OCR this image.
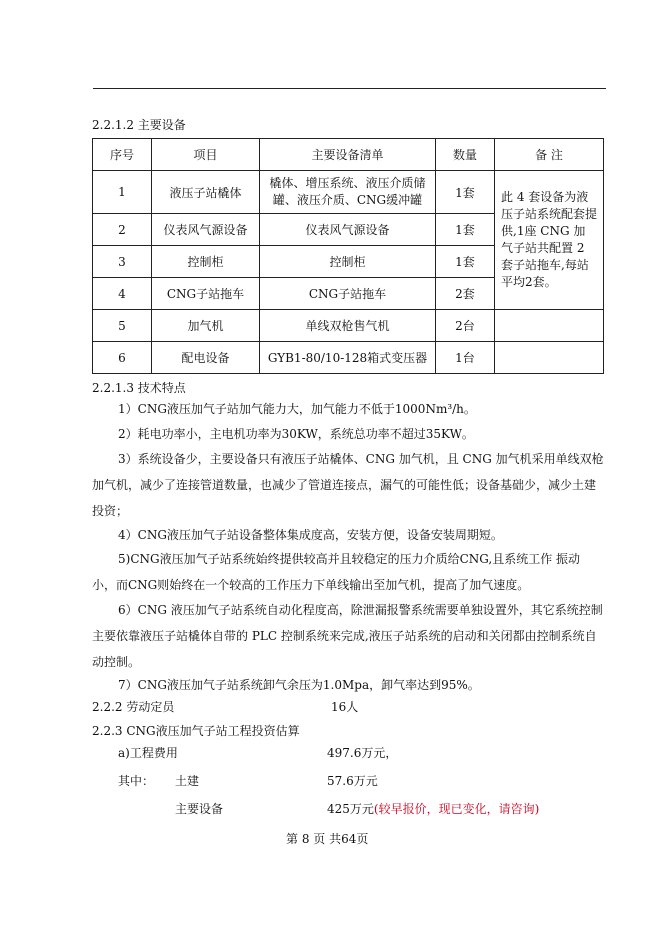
2.2.1.2 主要设备
序号	项目	主要设备清单	数量	备 注
1	液压子站橇体	橇体、增压系统、液压介质储罐、液压介质、CNG缓冲罐	1套	此 4 套设备为液压子站系统配套提供,1座 CNG 加气子站共配置 2 套子站拖车,每站平均2套。
2	仪表风气源设备	仪表风气源设备	1套	
3	控制柜	控制柜	1套	
4	CNG子站拖车	CNG子站拖车	2套	
5	加气机	单线双枪售气机	2台	
6	配电设备	GYB1-80/10-128箱式变压器	1台	
2.2.1.3 技术特点
1）CNG液压加气子站加气能力大，加气能力不低于1000Nm³/h。
2）耗电功率小，主电机功率为30KW，系统总功率不超过35KW。
3）系统设备少，主要设备只有液压子站橇体、CNG 加气机，且 CNG 加气机采用单线双枪加气机，减少了连接管道数量，也减少了管道连接点，漏气的可能性低；设备基础少，减少土建投资；
4）CNG液压加气子站设备整体集成度高，安装方便，设备安装周期短。
5)CNG液压加气子站系统始终提供较高并且较稳定的压力介质给CNG,且系统工作 振动小，而CNG则始终在一个较高的工作压力下单线输出至加气机，提高了加气速度。
6）CNG 液压加气子站系统自动化程度高，除泄漏报警系统需要单独设置外，其它系统控制主要依靠液压子站橇体自带的 PLC 控制系统来完成,液压子站系统的启动和关闭都由控制系统自动控制。
7）CNG液压加气子站系统卸气余压为1.0Mpa，卸气率达到95%。
2.2.2 劳动定员	16人
2.2.3 CNG液压加气子站工程投资估算
a)工程费用	497.6万元，
其中： 土建	57.6万元
主要设备	425万元(较早报价，现已变化，请咨询)
第 8 页 共64页
